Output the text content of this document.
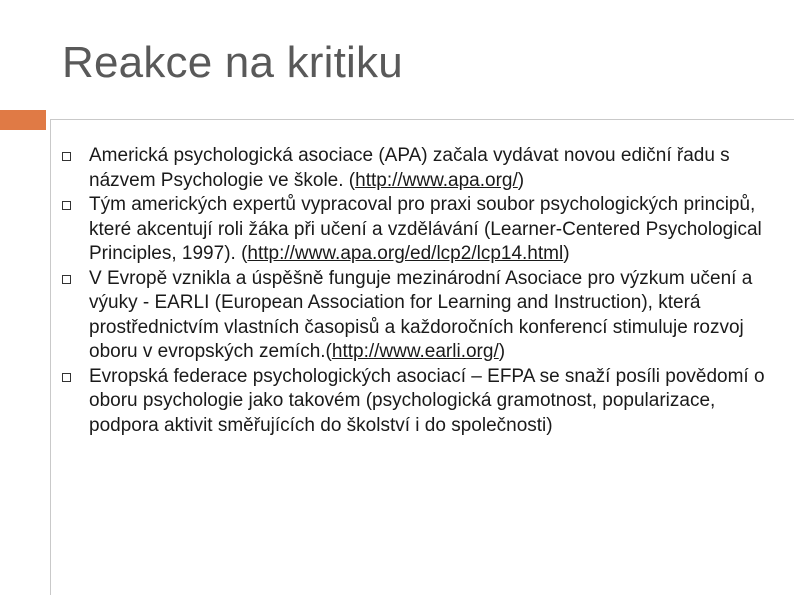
Reakce na kritiku
Americká psychologická asociace (APA) začala vydávat novou ediční řadu s názvem Psychologie ve škole. (http://www.apa.org/)
Tým amerických expertů vypracoval pro praxi soubor psychologických principů, které akcentují roli žáka při učení a vzdělávání (Learner-Centered Psychological Principles, 1997). (http://www.apa.org/ed/lcp2/lcp14.html)
V Evropě vznikla a úspěšně funguje mezinárodní Asociace pro výzkum učení a výuky - EARLI (European Association for Learning and Instruction), která prostřednictvím vlastních časopisů a každoročních konferencí stimuluje rozvoj oboru v evropských zemích.(http://www.earli.org/)
Evropská federace psychologických asociací – EFPA se snaží posíli povědomí o oboru psychologie jako takovém (psychologická gramotnost, popularizace, podpora aktivit směřujících do školství i do společnosti)
